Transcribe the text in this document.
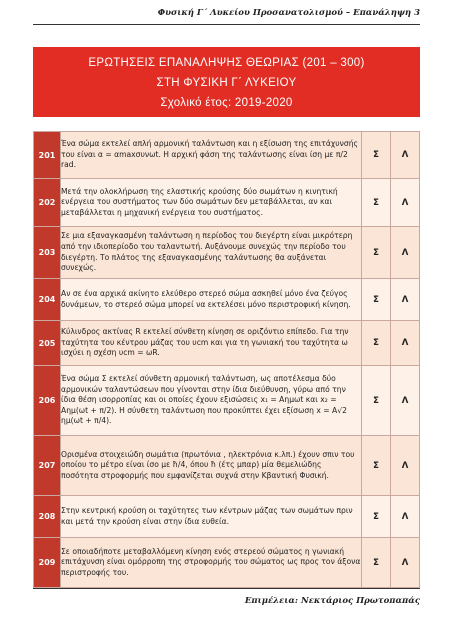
Φυσική Γ΄ Λυκείου Προσανατολισμού – Επανάληψη 3
ΕΡΩΤΗΣΕΙΣ ΕΠΑΝΑΛΗΨΗΣ ΘΕΩΡΙΑΣ (201 – 300)
ΣΤΗ ΦΥΣΙΚΗ Γ΄ ΛΥΚΕΙΟΥ
Σχολικό έτος: 2019-2020
201	Ένα σώμα εκτελεί απλή αρμονική ταλάντωση και η εξίσωση της επιτάχυνσής του είναι α = αmaxσυνωt. Η αρχική φάση της ταλάντωσης είναι ίση με π/2 rad.	Σ	Λ
202	Μετά την ολοκλήρωση της ελαστικής κρούσης δύο σωμάτων η κινητική ενέργεια του συστήματος των δύο σωμάτων δεν μεταβάλλεται, αν και μεταβάλλεται η μηχανική ενέργεια του συστήματος.	Σ	Λ
203	Σε μια εξαναγκασμένη ταλάντωση η περίοδος του διεγέρτη είναι μικρότερη από την ιδιοπερίοδο του ταλαντωτή. Αυξάνουμε συνεχώς την περίοδο του διεγέρτη. Το πλάτος της εξαναγκασμένης ταλάντωσης θα αυξάνεται συνεχώς.	Σ	Λ
204	Αν σε ένα αρχικά ακίνητο ελεύθερο στερεό σώμα ασκηθεί μόνο ένα ζεύγος δυνάμεων, το στερεό σώμα μπορεί να εκτελέσει μόνο περιστροφική κίνηση.	Σ	Λ
205	Κύλινδρος ακτίνας R εκτελεί σύνθετη κίνηση σε οριζόντιο επίπεδο. Για την ταχύτητα του κέντρου μάζας του υcm και για τη γωνιακή του ταχύτητα ω ισχύει η σχέση υcm = ωR.	Σ	Λ
206	Ένα σώμα Σ εκτελεί σύνθετη αρμονική ταλάντωση, ως αποτέλεσμα δύο αρμονικών ταλαντώσεων που γίνονται στην ίδια διεύθυνση, γύρω από την ίδια θέση ισορροπίας και οι οποίες έχουν εξισώσεις x₁ = Αημωt και x₂ = Αημ(ωt + π/2). Η σύνθετη ταλάντωση που προκύπτει έχει εξίσωση x = Α√2 ημ(ωt + π/4).	Σ	Λ
207	Ορισμένα στοιχειώδη σωμάτια (πρωτόνια , ηλεκτρόνια κ.λπ.) έχουν σπιν του οποίου το μέτρο είναι ίσο με ħ/4, όπου ħ (έτς μπαρ) μία θεμελιώδης ποσότητα στροφορμής που εμφανίζεται συχνά στην Κβαντική Φυσική.	Σ	Λ
208	Στην κεντρική κρούση οι ταχύτητες των κέντρων μάζας των σωμάτων πριν και μετά την κρούση είναι στην ίδια ευθεία.	Σ	Λ
209	Σε οποιαδήποτε μεταβαλλόμενη κίνηση ενός στερεού σώματος η γωνιακή επιτάχυνση είναι ομόρροπη της στροφορμής του σώματος ως προς τον άξονα περιστροφής του.	Σ	Λ
Επιμέλεια: Νεκτάριος Πρωτοπαπάς
